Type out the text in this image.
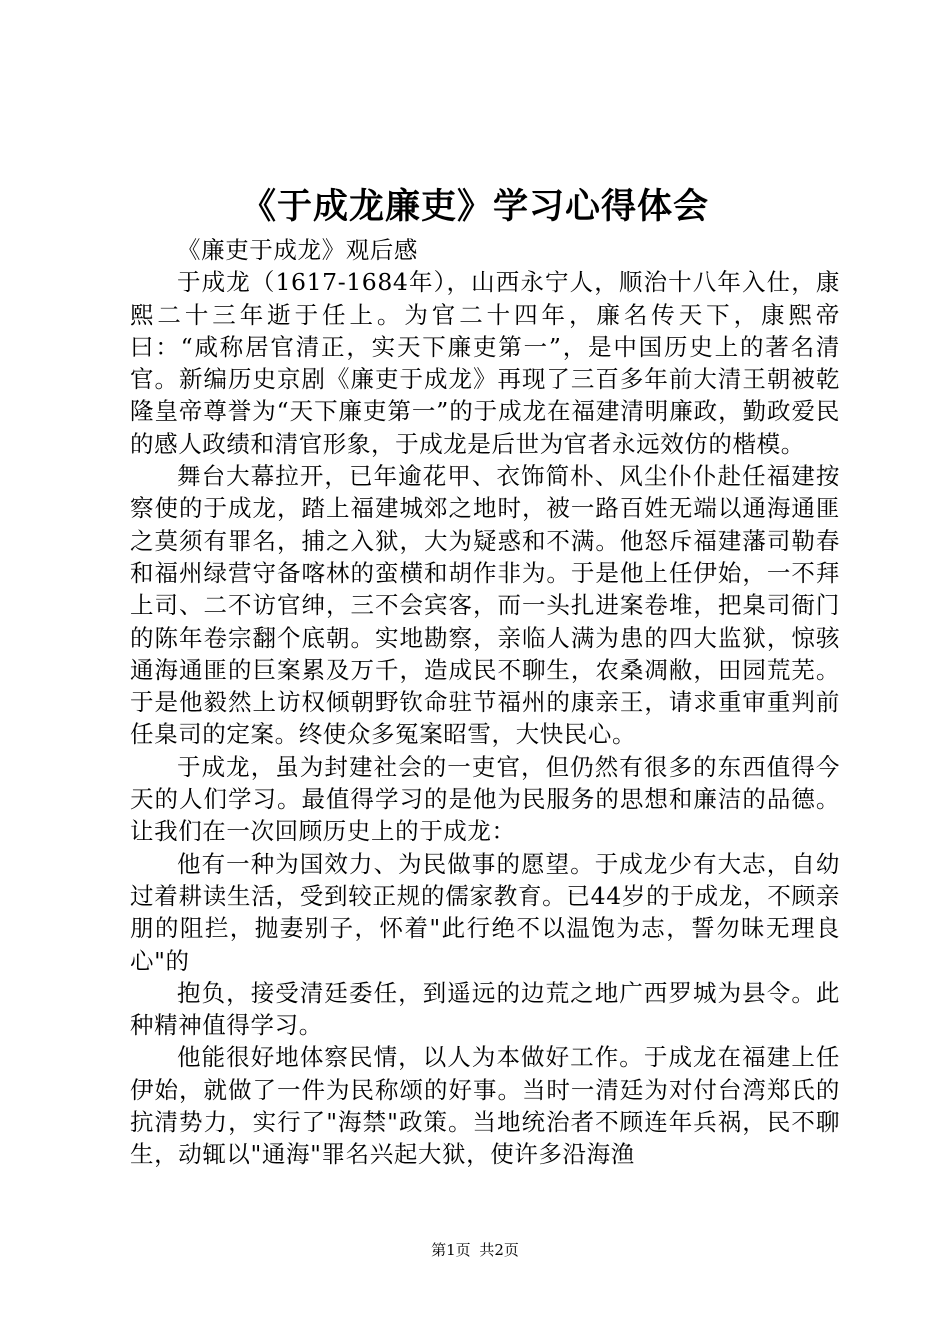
《于成龙廉吏》学习心得体会

《廉吏于成龙》观后感

于成龙（1617-1684年），山西永宁人，顺治十八年入仕，康熙二十三年逝于任上。为官二十四年，廉名传天下，康熙帝曰：“咸称居官清正，实天下廉吏第一”，是中国历史上的著名清官。新编历史京剧《廉吏于成龙》再现了三百多年前大清王朝被乾隆皇帝尊誉为“天下廉吏第一”的于成龙在福建清明廉政，勤政爱民的感人政绩和清官形象，于成龙是后世为官者永远效仿的楷模。

舞台大幕拉开，已年逾花甲、衣饰简朴、风尘仆仆赴任福建按察使的于成龙，踏上福建城郊之地时，被一路百姓无端以通海通匪之莫须有罪名，捕之入狱，大为疑惑和不满。他怒斥福建藩司勒春和福州绿营守备喀林的蛮横和胡作非为。于是他上任伊始，一不拜上司、二不访官绅，三不会宾客，而一头扎进案卷堆，把臬司衙门的陈年卷宗翻个底朝。实地勘察，亲临人满为患的四大监狱，惊骇通海通匪的巨案累及万千，造成民不聊生，农桑凋敝，田园荒芜。于是他毅然上访权倾朝野钦命驻节福州的康亲王，请求重审重判前任臬司的定案。终使众多冤案昭雪，大快民心。

于成龙，虽为封建社会的一吏官，但仍然有很多的东西值得今天的人们学习。最值得学习的是他为民服务的思想和廉洁的品德。让我们在一次回顾历史上的于成龙：

他有一种为国效力、为民做事的愿望。于成龙少有大志，自幼过着耕读生活，受到较正规的儒家教育。已44岁的于成龙，不顾亲朋的阻拦，抛妻别子，怀着"此行绝不以温饱为志，誓勿昧无理良心"的

抱负，接受清廷委任，到遥远的边荒之地广西罗城为县令。此种精神值得学习。

他能很好地体察民情，以人为本做好工作。于成龙在福建上任伊始，就做了一件为民称颂的好事。当时一清廷为对付台湾郑氏的抗清势力，实行了"海禁"政策。当地统治者不顾连年兵祸，民不聊生，动辄以"通海"罪名兴起大狱，使许多沿海渔

第1页 共2页
